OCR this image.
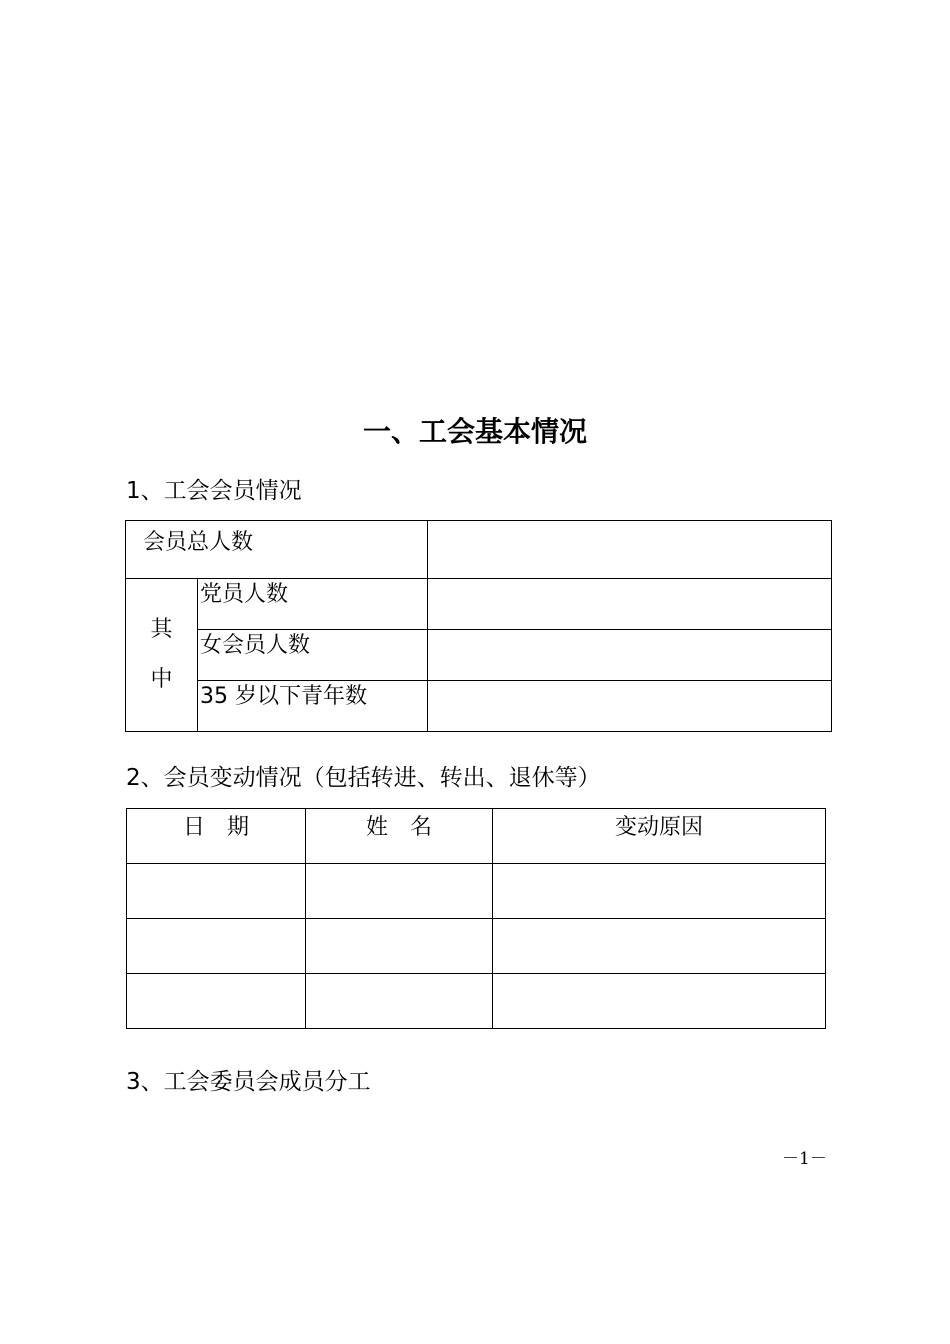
一、工会基本情况
1、工会会员情况
会员总人数		

其
中	党员人数	
	女会员人数	
	35 岁以下青年数	
2、会员变动情况（包括转进、转出、退休等）
日　期	姓　名	变动原因

3、工会委员会成员分工
－1－
